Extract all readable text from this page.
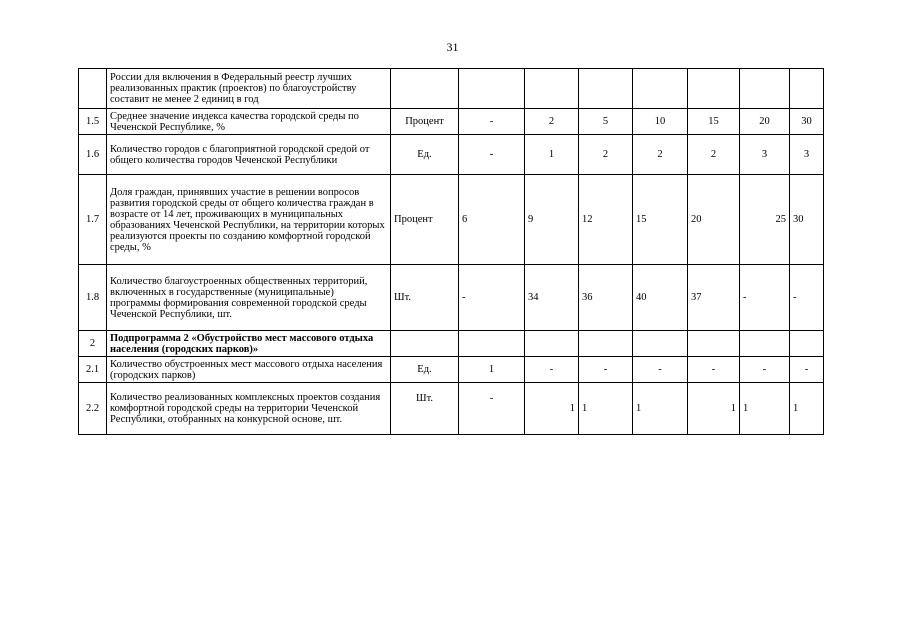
31
	России для включения в Федеральный реестр лучших реализованных практик (проектов) по благоустройству составит не менее 2 единиц в год								
1.5	Среднее значение индекса качества городской среды по Чеченской Республике, %	Процент	-	2	5	10	15	20	30
1.6	Количество городов с благоприятной городской средой от общего количества городов Чеченской Республики	Ед.	-	1	2	2	2	3	3
1.7	Доля граждан, принявших участие в решении вопросов развития городской среды от общего количества граждан в возрасте от 14 лет, проживающих в муниципальных образованиях Чеченской Республики, на территории которых реализуются проекты по созданию комфортной городской среды, %	Процент	6	9	12	15	20	25	30
1.8	Количество благоустроенных общественных территорий, включенных в государственные (муниципальные) программы формирования современной городской среды Чеченской Республики, шт.	Шт.	-	34	36	40	37	-	-
2	Подпрограмма 2 «Обустройство мест массового отдыха населения (городских парков)»								
2.1	Количество обустроенных мест массового отдыха населения (городских парков)	Ед.	1	-	-	-	-	-	-
2.2	Количество реализованных комплексных проектов создания комфортной городской среды на территории Чеченской Республики, отобранных на конкурсной основе, шт.	Шт.	-	1	1	1	1	1	1
